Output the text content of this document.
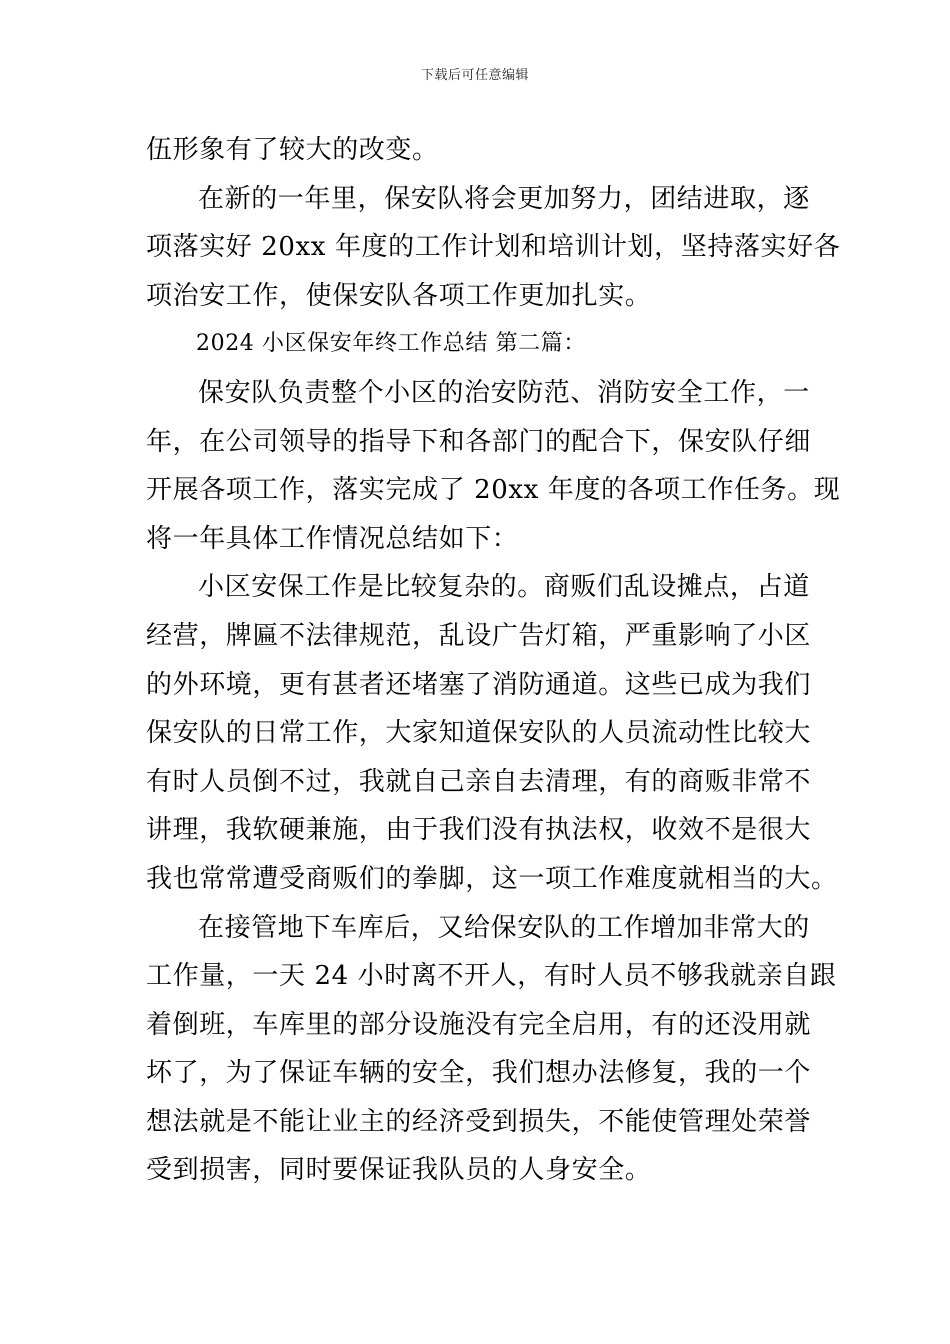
下载后可任意编辑
伍形象有了较大的改变。
在新的一年里，保安队将会更加努力，团结进取，逐
项落实好 20xx 年度的工作计划和培训计划，坚持落实好各
项治安工作，使保安队各项工作更加扎实。
2024 小区保安年终工作总结 第二篇：
保安队负责整个小区的治安防范、消防安全工作，一
年，在公司领导的指导下和各部门的配合下，保安队仔细
开展各项工作，落实完成了 20xx 年度的各项工作任务。现
将一年具体工作情况总结如下：
小区安保工作是比较复杂的。商贩们乱设摊点，占道
经营，牌匾不法律规范，乱设广告灯箱，严重影响了小区
的外环境，更有甚者还堵塞了消防通道。这些已成为我们
保安队的日常工作，大家知道保安队的人员流动性比较大
有时人员倒不过，我就自己亲自去清理，有的商贩非常不
讲理，我软硬兼施，由于我们没有执法权，收效不是很大
我也常常遭受商贩们的拳脚，这一项工作难度就相当的大。
在接管地下车库后，又给保安队的工作增加非常大的
工作量，一天 24 小时离不开人，有时人员不够我就亲自跟
着倒班，车库里的部分设施没有完全启用，有的还没用就
坏了，为了保证车辆的安全，我们想办法修复，我的一个
想法就是不能让业主的经济受到损失，不能使管理处荣誉
受到损害，同时要保证我队员的人身安全。
